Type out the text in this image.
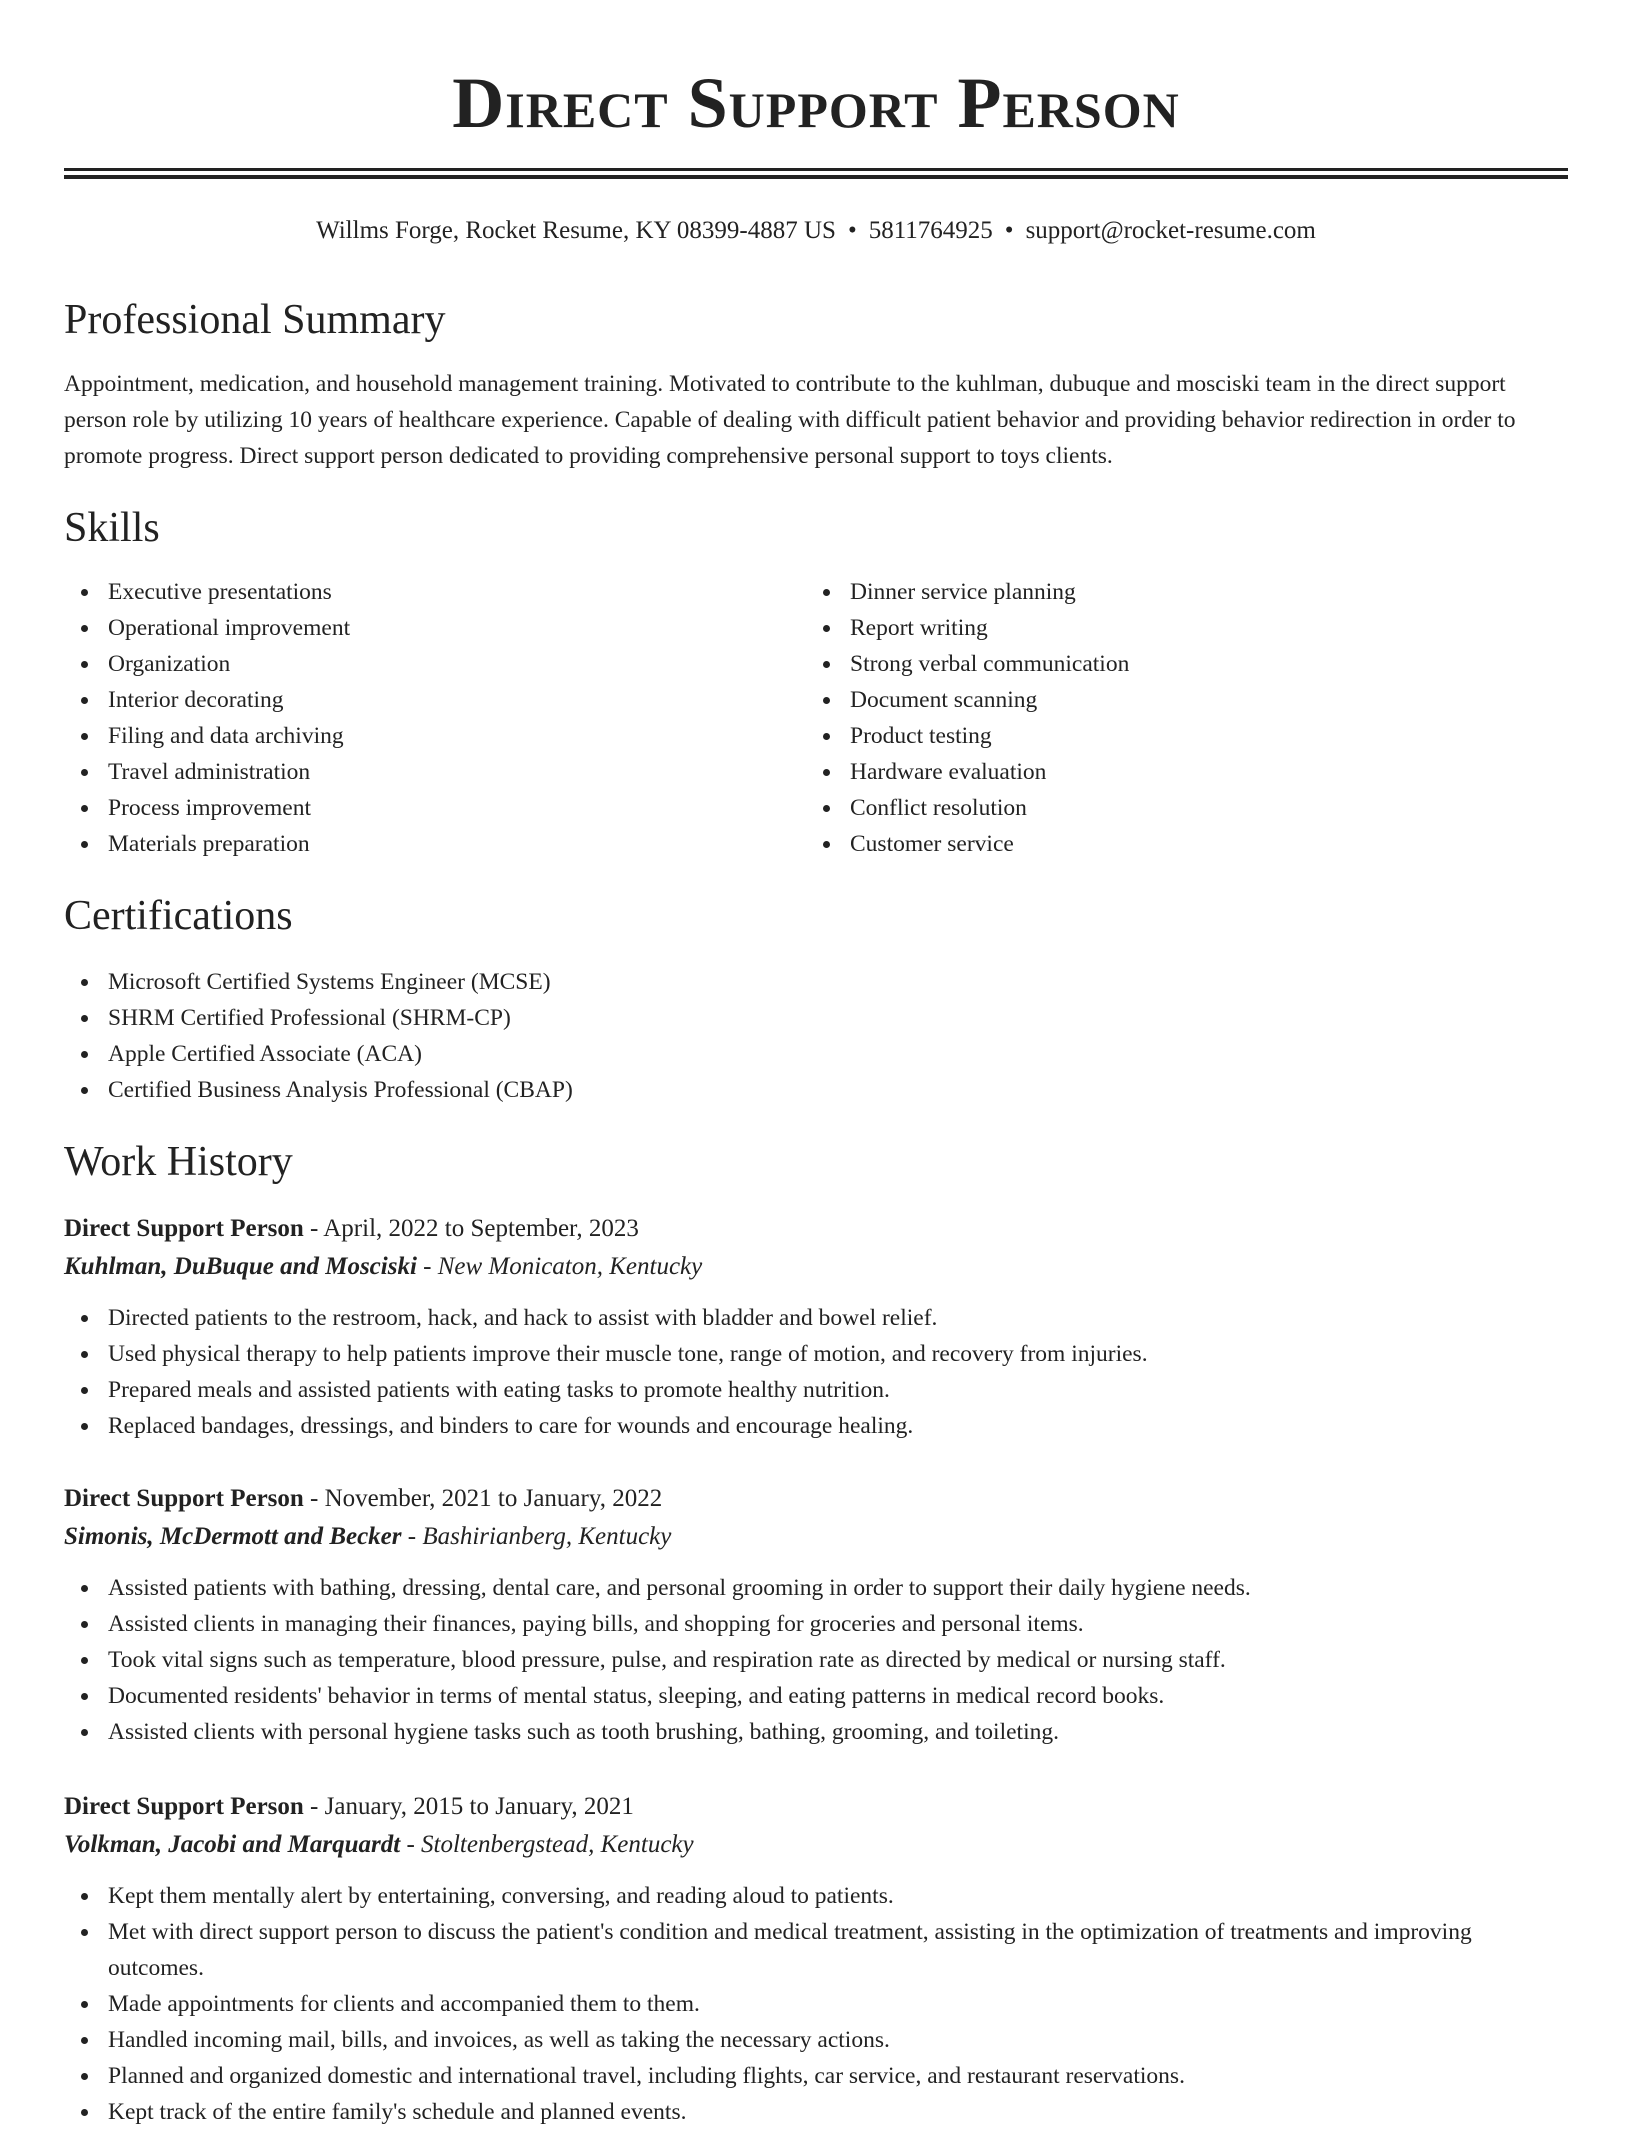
Direct Support Person
Willms Forge, Rocket Resume, KY 08399-4887 US • 5811764925 • support@rocket-resume.com
Professional Summary

Appointment, medication, and household management training. Motivated to contribute to the kuhlman, dubuque and mosciski team in the direct support person role by utilizing 10 years of healthcare experience. Capable of dealing with difficult patient behavior and providing behavior redirection in order to promote progress. Direct support person dedicated to providing comprehensive personal support to toys clients.

Skills
Executive presentations
Operational improvement
Organization
Interior decorating
Filing and data archiving
Travel administration
Process improvement
Materials preparation
Dinner service planning
Report writing
Strong verbal communication
Document scanning
Product testing
Hardware evaluation
Conflict resolution
Customer service
Certifications
Microsoft Certified Systems Engineer (MCSE)
SHRM Certified Professional (SHRM-CP)
Apple Certified Associate (ACA)
Certified Business Analysis Professional (CBAP)
Work History
Direct Support Person - April, 2022 to September, 2023
Kuhlman, DuBuque and Mosciski - New Monicaton, Kentucky
Directed patients to the restroom, hack, and hack to assist with bladder and bowel relief.
Used physical therapy to help patients improve their muscle tone, range of motion, and recovery from injuries.
Prepared meals and assisted patients with eating tasks to promote healthy nutrition.
Replaced bandages, dressings, and binders to care for wounds and encourage healing.
Direct Support Person - November, 2021 to January, 2022
Simonis, McDermott and Becker - Bashirianberg, Kentucky
Assisted patients with bathing, dressing, dental care, and personal grooming in order to support their daily hygiene needs.
Assisted clients in managing their finances, paying bills, and shopping for groceries and personal items.
Took vital signs such as temperature, blood pressure, pulse, and respiration rate as directed by medical or nursing staff.
Documented residents' behavior in terms of mental status, sleeping, and eating patterns in medical record books.
Assisted clients with personal hygiene tasks such as tooth brushing, bathing, grooming, and toileting.
Direct Support Person - January, 2015 to January, 2021
Volkman, Jacobi and Marquardt - Stoltenbergstead, Kentucky
Kept them mentally alert by entertaining, conversing, and reading aloud to patients.
Met with direct support person to discuss the patient's condition and medical treatment, assisting in the optimization of treatments and improving outcomes.
Made appointments for clients and accompanied them to them.
Handled incoming mail, bills, and invoices, as well as taking the necessary actions.
Planned and organized domestic and international travel, including flights, car service, and restaurant reservations.
Kept track of the entire family's schedule and planned events.
